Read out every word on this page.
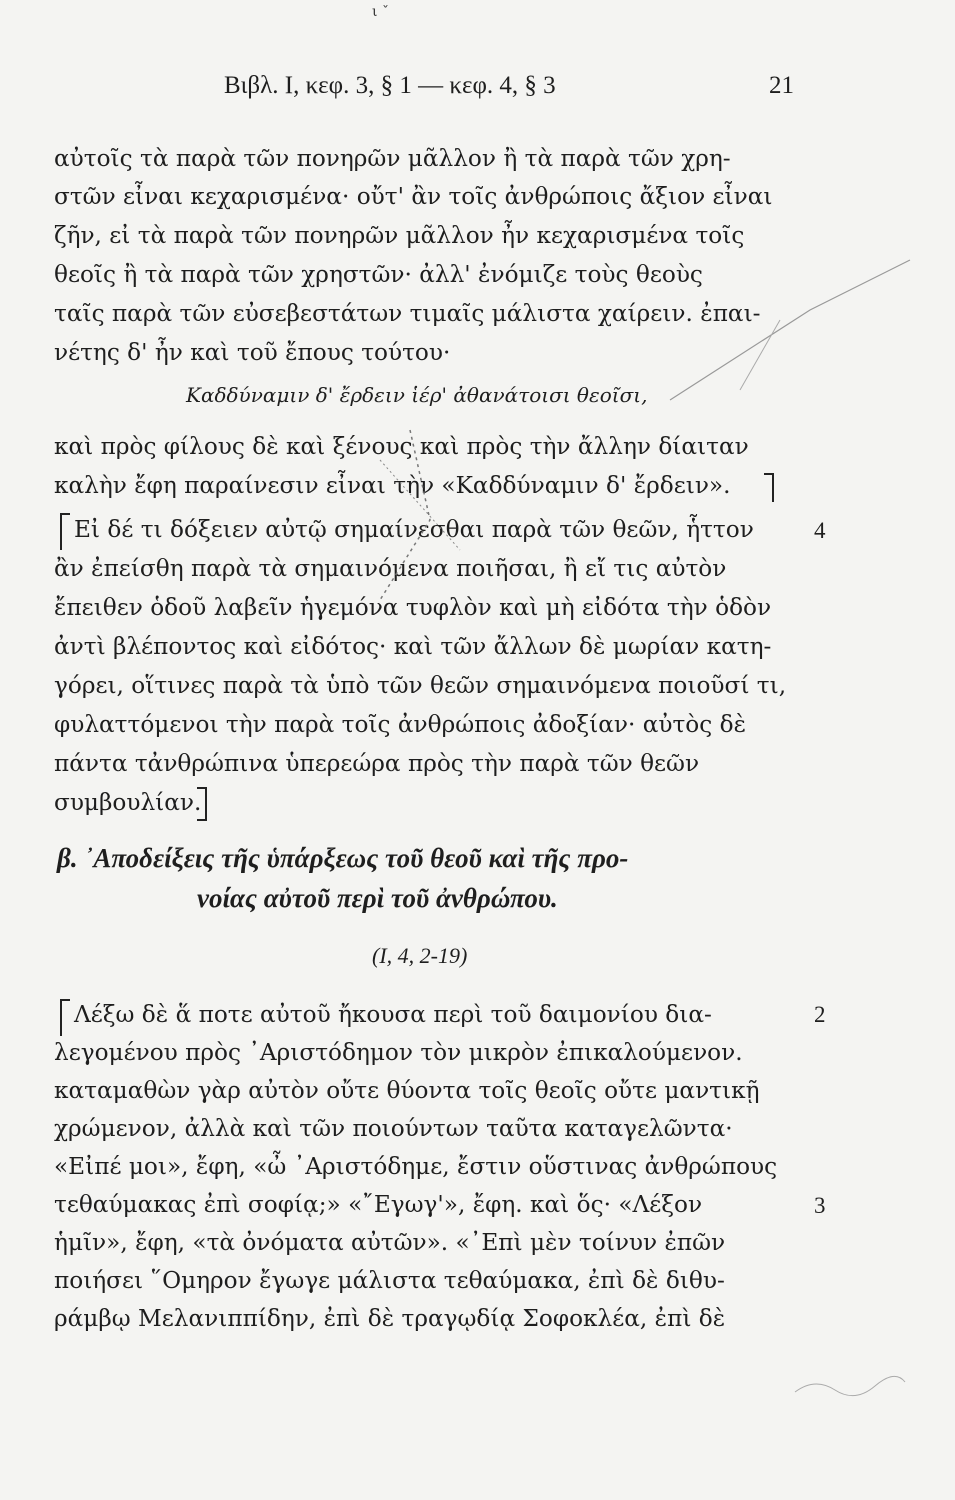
ι ˇ
Βιβλ. Ι, κεφ. 3, § 1 — κεφ. 4, § 3	21
αὐτοῖς τὰ παρὰ τῶν πονηρῶν μᾶλλον ἢ τὰ παρὰ τῶν χρη-
στῶν εἶναι κεχαρισμένα· οὔτ' ἂν τοῖς ἀνθρώποις ἄξιον εἶναι
ζῆν, εἰ τὰ παρὰ τῶν πονηρῶν μᾶλλον ἦν κεχαρισμένα τοῖς
θεοῖς ἢ τὰ παρὰ τῶν χρηστῶν· ἀλλ' ἐνόμιζε τοὺς θεοὺς
ταῖς παρὰ τῶν εὐσεβεστάτων τιμαῖς μάλιστα χαίρειν. ἐπαι-
νέτης δ' ἦν καὶ τοῦ ἔπους τούτου·
Καδδύναμιν δ' ἔρδειν ἱέρ' ἀθανάτοισι θεοῖσι,
καὶ πρὸς φίλους δὲ καὶ ξένους καὶ πρὸς τὴν ἄλλην δίαιταν
καλὴν ἔφη παραίνεσιν εἶναι τὴν «Καδδύναμιν δ' ἔρδειν».
Εἰ δέ τι δόξειεν αὐτῷ σημαίνεσθαι παρὰ τῶν θεῶν, ἧττον
ἂν ἐπείσθη παρὰ τὰ σημαινόμενα ποιῆσαι, ἢ εἴ τις αὐτὸν
ἔπειθεν ὁδοῦ λαβεῖν ἡγεμόνα τυφλὸν καὶ μὴ εἰδότα τὴν ὁδὸν
ἀντὶ βλέποντος καὶ εἰδότος· καὶ τῶν ἄλλων δὲ μωρίαν κατη-
γόρει, οἵτινες παρὰ τὰ ὑπὸ τῶν θεῶν σημαινόμενα ποιοῦσί τι,
φυλαττόμενοι τὴν παρὰ τοῖς ἀνθρώποις ἀδοξίαν· αὐτὸς δὲ
πάντα τἀνθρώπινα ὑπερεώρα πρὸς τὴν παρὰ τῶν θεῶν
συμβουλίαν.
4
β. ᾿Αποδείξεις τῆς ὑπάρξεως τοῦ θεοῦ καὶ τῆς προ-
νοίας αὐτοῦ περὶ τοῦ ἀνθρώπου.
(I, 4, 2-19)
Λέξω δὲ ἅ ποτε αὐτοῦ ἤκουσα περὶ τοῦ δαιμονίου δια-
λεγομένου πρὸς ᾿Αριστόδημον τὸν μικρὸν ἐπικαλούμενον.
καταμαθὼν γὰρ αὐτὸν οὔτε θύοντα τοῖς θεοῖς οὔτε μαντικῇ
χρώμενον, ἀλλὰ καὶ τῶν ποιούντων ταῦτα καταγελῶντα·
«Εἰπέ μοι», ἔφη, «ὦ ᾿Αριστόδημε, ἔστιν οὕστινας ἀνθρώπους
τεθαύμακας ἐπὶ σοφίᾳ;» «῎Εγωγ'», ἔφη. καὶ ὅς· «Λέξον
ἡμῖν», ἔφη, «τὰ ὀνόματα αὐτῶν». «᾿Επὶ μὲν τοίνυν ἐπῶν
ποιήσει ῞Ομηρον ἔγωγε μάλιστα τεθαύμακα, ἐπὶ δὲ διθυ-
ράμβῳ Μελανιππίδην, ἐπὶ δὲ τραγῳδίᾳ Σοφοκλέα, ἐπὶ δὲ
2
3
